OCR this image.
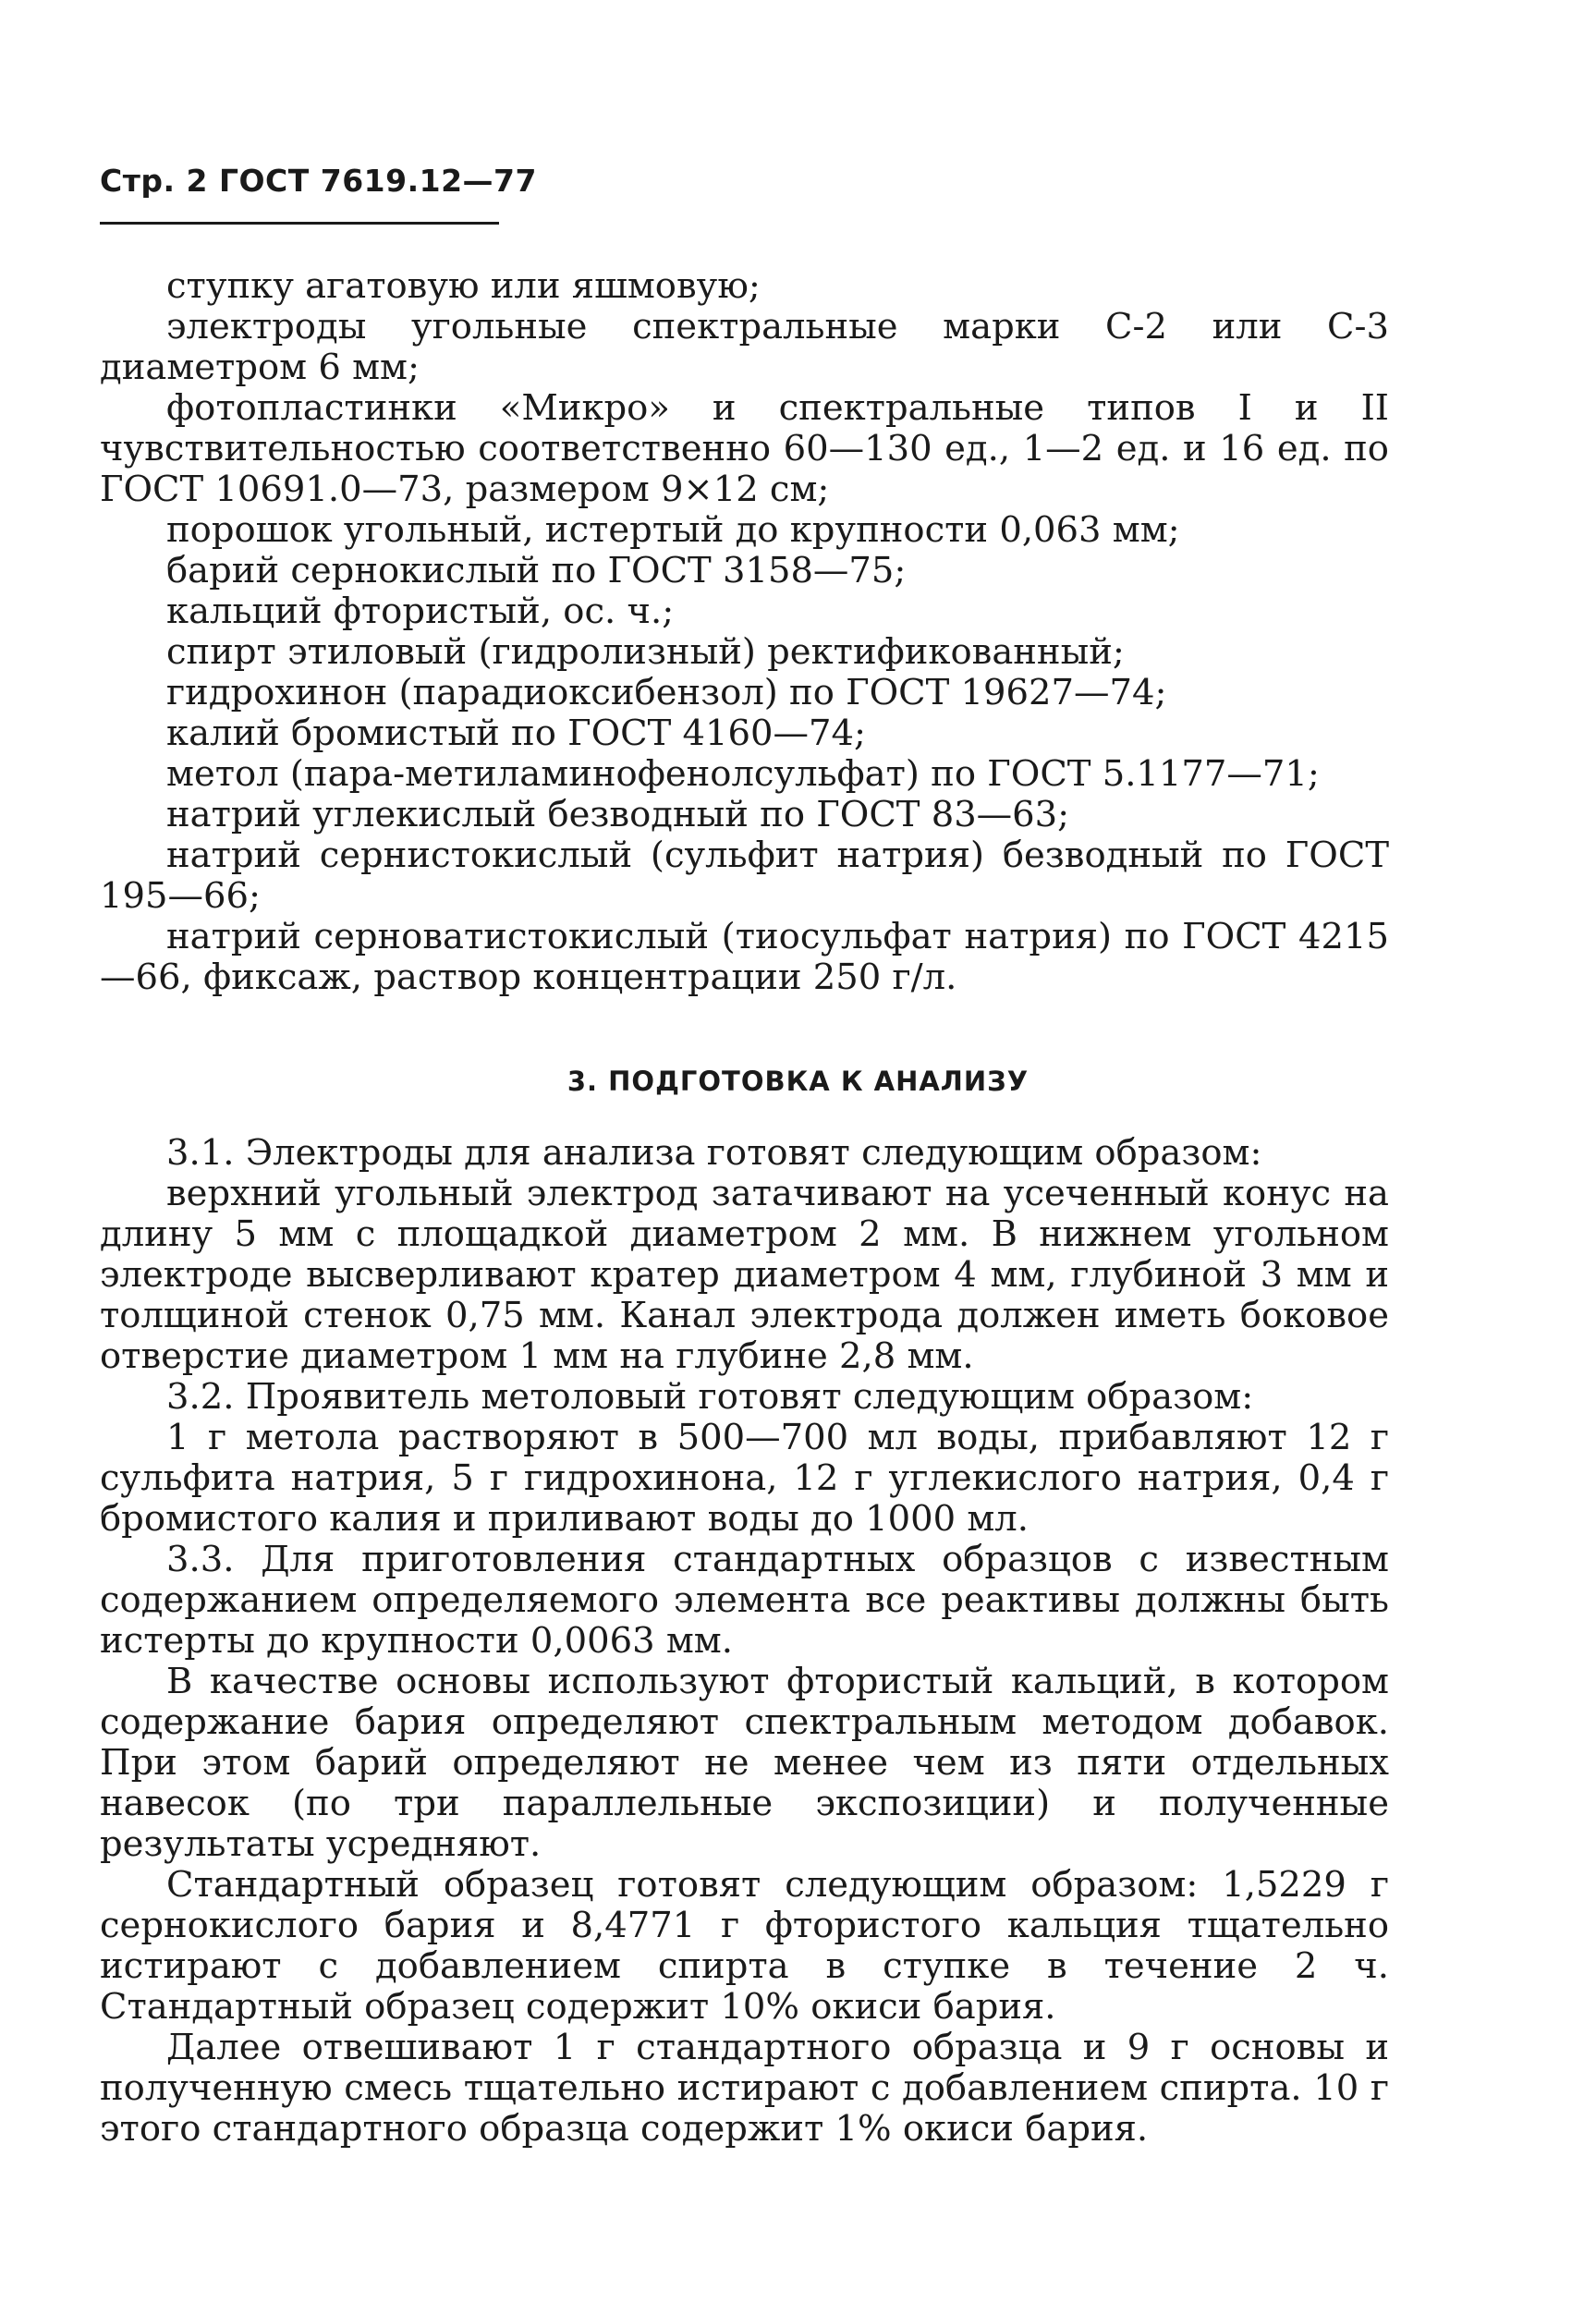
Стр. 2 ГОСТ 7619.12—77

ступку агатовую или яшмовую;

электроды угольные спектральные марки С-2 или С-3 диаметром 6 мм;

фотопластинки «Микро» и спектральные типов I и II чувствительностью соответственно 60—130 ед., 1—2 ед. и 16 ед. по ГОСТ 10691.0—73, размером 9×12 см;

порошок угольный, истертый до крупности 0,063 мм;

барий сернокислый по ГОСТ 3158—75;

кальций фтористый, ос. ч.;

спирт этиловый (гидролизный) ректификованный;

гидрохинон (парадиоксибензол) по ГОСТ 19627—74;

калий бромистый по ГОСТ 4160—74;

метол (пара-метиламинофенолсульфат) по ГОСТ 5.1177—71;

натрий углекислый безводный по ГОСТ 83—63;

натрий сернистокислый (сульфит натрия) безводный по ГОСТ 195—66;

натрий серноватистокислый (тиосульфат натрия) по ГОСТ 4215—66, фиксаж, раствор концентрации 250 г/л.

3. ПОДГОТОВКА К АНАЛИЗУ

3.1. Электроды для анализа готовят следующим образом:

верхний угольный электрод затачивают на усеченный конус на длину 5 мм с площадкой диаметром 2 мм. В нижнем угольном электроде высверливают кратер диаметром 4 мм, глубиной 3 мм и толщиной стенок 0,75 мм. Канал электрода должен иметь боковое отверстие диаметром 1 мм на глубине 2,8 мм.

3.2. Проявитель метоловый готовят следующим образом:

1 г метола растворяют в 500—700 мл воды, прибавляют 12 г сульфита натрия, 5 г гидрохинона, 12 г углекислого натрия, 0,4 г бромистого калия и приливают воды до 1000 мл.

3.3. Для приготовления стандартных образцов с известным содержанием определяемого элемента все реактивы должны быть истерты до крупности 0,0063 мм.

В качестве основы используют фтористый кальций, в котором содержание бария определяют спектральным методом добавок. При этом барий определяют не менее чем из пяти отдельных навесок (по три параллельные экспозиции) и полученные результаты усредняют.

Стандартный образец готовят следующим образом: 1,5229 г сернокислого бария и 8,4771 г фтористого кальция тщательно истирают с добавлением спирта в ступке в течение 2 ч. Стандартный образец содержит 10% окиси бария.

Далее отвешивают 1 г стандартного образца и 9 г основы и полученную смесь тщательно истирают с добавлением спирта. 10 г этого стандартного образца содержит 1% окиси бария.
